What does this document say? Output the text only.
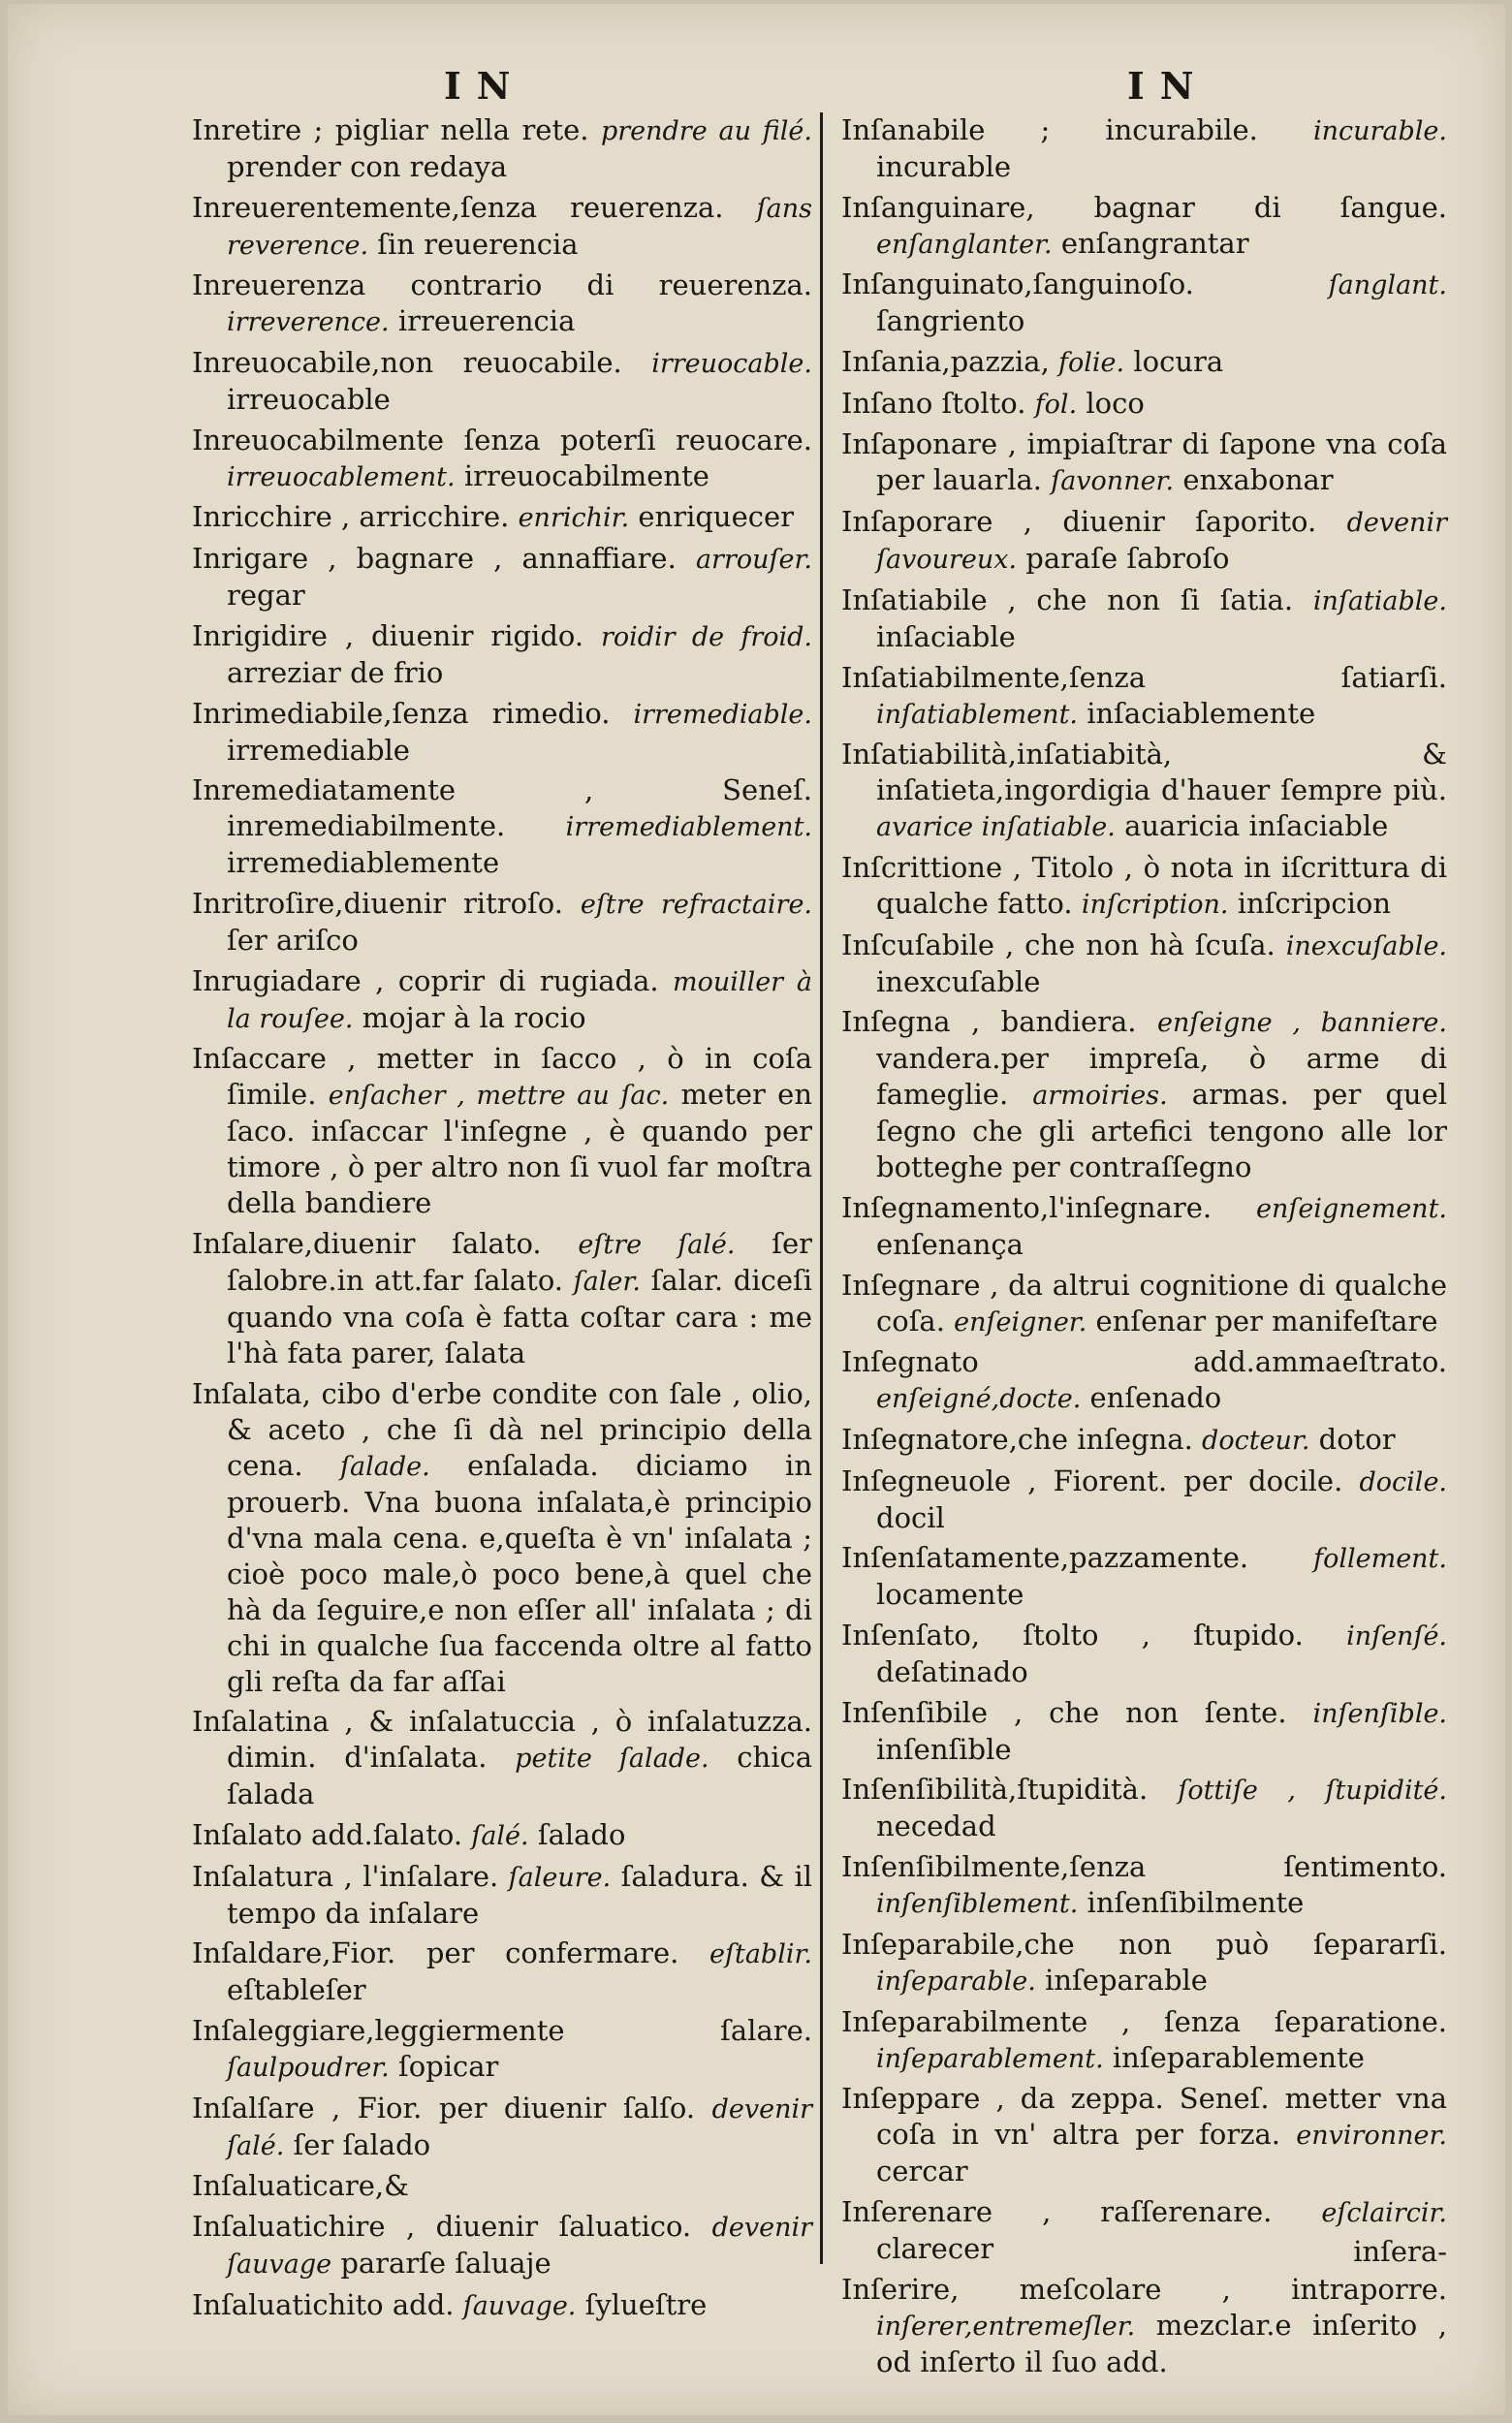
IN	IN
Inretire ; pigliar nella rete. prendre au filé. prender con redaya
Inreuerentemente,ſenza reuerenza. ſans reverence. ſin reuerencia
Inreuerenza contrario di reuerenza. irreverence. irreuerencia
Inreuocabile,non reuocabile. irreuocable. irreuocable
Inreuocabilmente ſenza poterſi reuocare. irreuocablement. irreuocabilmente
Inricchire , arricchire. enrichir. enriquecer
Inrigare , bagnare , annaffiare. arrouſer. regar
Inrigidire , diuenir rigido. roidir de froid. arreziar de frio
Inrimediabile,ſenza rimedio. irremediable. irremediable
Inremediatamente , Seneſ. inremediabilmente. irremediablement. irremediablemente
Inritroſire,diuenir ritroſo. eſtre refractaire. ſer ariſco
Inrugiadare , coprir di rugiada. mouiller à la rouſee. mojar à la rocio
Inſaccare , metter in ſacco , ò in coſa ſimile. enſacher , mettre au ſac. meter en ſaco. inſaccar l'inſegne , è quando per timore , ò per altro non ſi vuol far moſtra della bandiere
Inſalare,diuenir ſalato. eſtre ſalé. ſer ſalobre.in att.far ſalato. ſaler. ſalar. diceſi quando vna coſa è fatta coſtar cara : me l'hà fata parer, ſalata
Inſalata, cibo d'erbe condite con ſale , olio, & aceto , che ſi dà nel principio della cena. ſalade. enſalada. diciamo in prouerb. Vna buona inſalata,è principio d'vna mala cena. e,queſta è vn' inſalata ; cioè poco male,ò poco bene,à quel che hà da ſeguire,e non eſſer all' inſalata ; di chi in qualche ſua faccenda oltre al fatto gli reſta da far aſſai
Inſalatina , & inſalatuccia , ò inſalatuzza. dimin. d'inſalata. petite ſalade. chica ſalada
Inſalato add.ſalato. ſalé. ſalado
Inſalatura , l'inſalare. ſaleure. ſaladura. & il tempo da inſalare
Inſaldare,Fior. per confermare. eſtablir. eſtableſer
Inſaleggiare,leggiermente ſalare. ſaulpoudrer. ſopicar
Inſalſare , Fior. per diuenir ſalſo. devenir ſalé. ſer ſalado
Inſaluaticare,&
Inſaluatichire , diuenir ſaluatico. devenir ſauvage pararſe ſaluaje
Inſaluatichito add. ſauvage. ſylueſtre
Inſanabile ; incurabile. incurable. incurable
Inſanguinare, bagnar di ſangue. enſanglanter. enſangrantar
Inſanguinato,ſanguinoſo.	ſanglant. ſangriento
Inſania,pazzia, folie. locura
Inſano ſtolto. fol. loco
Inſaponare , impiaſtrar di ſapone vna coſa per lauarla. ſavonner. enxabonar
Inſaporare , diuenir ſaporito. devenir ſavoureux. paraſe ſabroſo
Inſatiabile , che non ſi ſatia. inſatiable. inſaciable
Inſatiabilmente,ſenza ſatiarſi. inſatiablement. inſaciablemente
Inſatiabilità,inſatiabità, & inſatieta,ingordigia d'hauer ſempre più. avarice inſatiable. auaricia inſaciable
Inſcrittione , Titolo , ò nota in iſcrittura di qualche fatto. inſcription. inſcripcion
Inſcuſabile , che non hà ſcuſa. inexcuſable. inexcuſable
Inſegna , bandiera. enſeigne , banniere. vandera.per impreſa, ò arme di fameglie. armoiries. armas. per quel ſegno che gli artefici tengono alle lor botteghe per contraſſegno
Inſegnamento,l'inſegnare. enſeignement. enſenança
Inſegnare , da altrui cognitione di qualche coſa. enſeigner. enſenar per manifeſtare
Inſegnato add.ammaeſtrato. enſeigné,docte. enſenado
Inſegnatore,che inſegna. docteur. dotor
Inſegneuole , Fiorent. per docile. docile. docil
Inſenſatamente,pazzamente. follement. locamente
Inſenſato, ſtolto , ſtupido. inſenſé. deſatinado
Inſenſibile , che non ſente. inſenſible. inſenſible
Inſenſibilità,ſtupidità. ſottiſe , ſtupidité. necedad
Inſenſibilmente,ſenza ſentimento. inſenſiblement. inſenſibilmente
Inſeparabile,che non può ſepararſi. inſeparable. inſeparable
Inſeparabilmente , ſenza ſeparatione. inſeparablement. inſeparablemente
Inſeppare , da zeppa. Seneſ. metter vna coſa in vn' altra per forza. environner. cercar
Inſerenare , raſſerenare. eſclaircir. clarecer
Inſerire, meſcolare , intraporre. inſerer,entremeſler. mezclar.e inſerito , od inſerto il ſuo add.
inſera-
